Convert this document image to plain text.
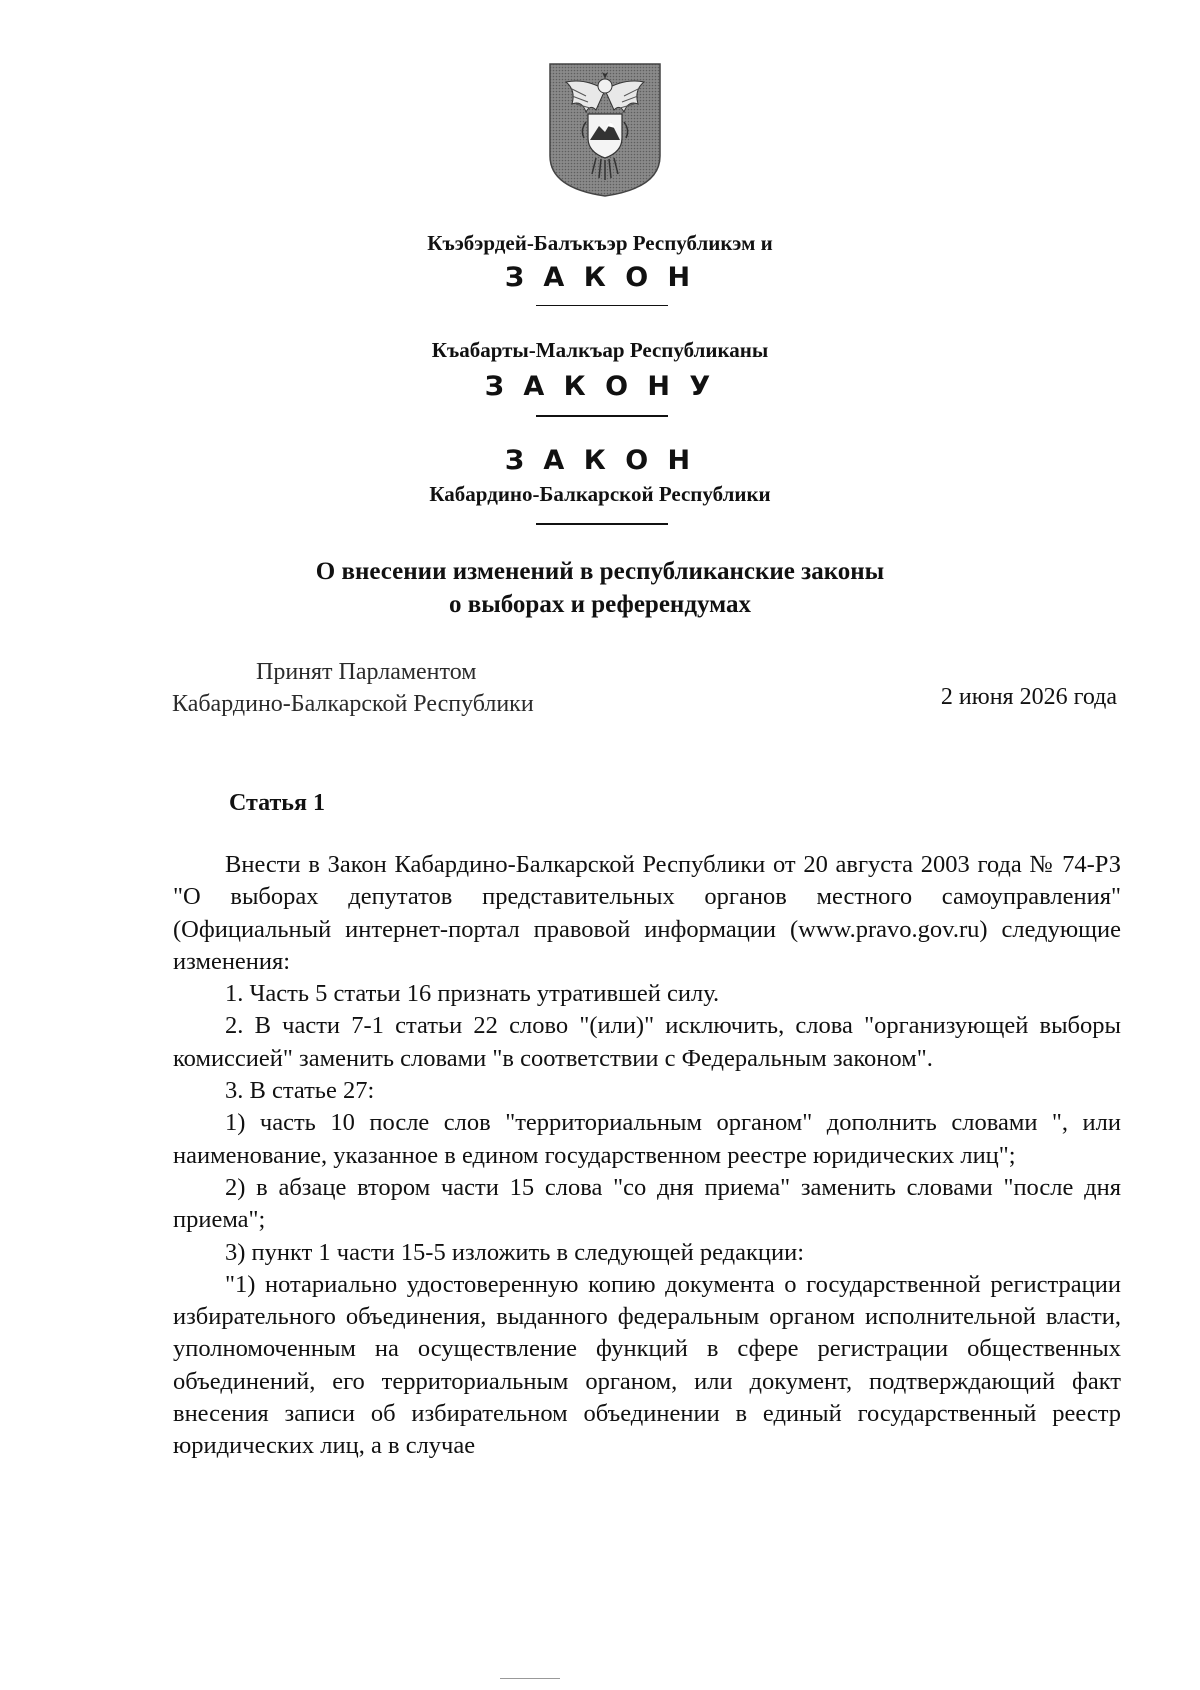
Къэбэрдей-Балъкъэр Республикэм и
З А К О Н
Къабарты-Малкъар Республиканы
З А К О Н У
З А К О Н
Кабардино-Балкарской Республики
О внесении изменений в республиканские законы
о выборах и референдумах
Принят Парламентом
Кабардино-Балкарской Республики	2 июня 2026 года
Статья 1

Внести в Закон Кабардино-Балкарской Республики от 20 августа 2003 года № 74-РЗ "О выборах депутатов представительных органов местного самоуправления" (Официальный интернет-портал правовой информации (www.pravo.gov.ru) следующие изменения:

1. Часть 5 статьи 16 признать утратившей силу.

2. В части 7-1 статьи 22 слово "(или)" исключить, слова "организующей выборы комиссией" заменить словами "в соответствии с Федеральным законом".

3. В статье 27:

1) часть 10 после слов "территориальным органом" дополнить словами ", или наименование, указанное в едином государственном реестре юридических лиц";

2) в абзаце втором части 15 слова "со дня приема" заменить словами "после дня приема";

3) пункт 1 части 15-5 изложить в следующей редакции:

"1) нотариально удостоверенную копию документа о государственной регистрации избирательного объединения, выданного федеральным органом исполнительной власти, уполномоченным на осуществление функций в сфере регистрации общественных объединений, его территориальным органом, или документ, подтверждающий факт внесения записи об избирательном объединении в единый государственный реестр юридических лиц, а в случае
